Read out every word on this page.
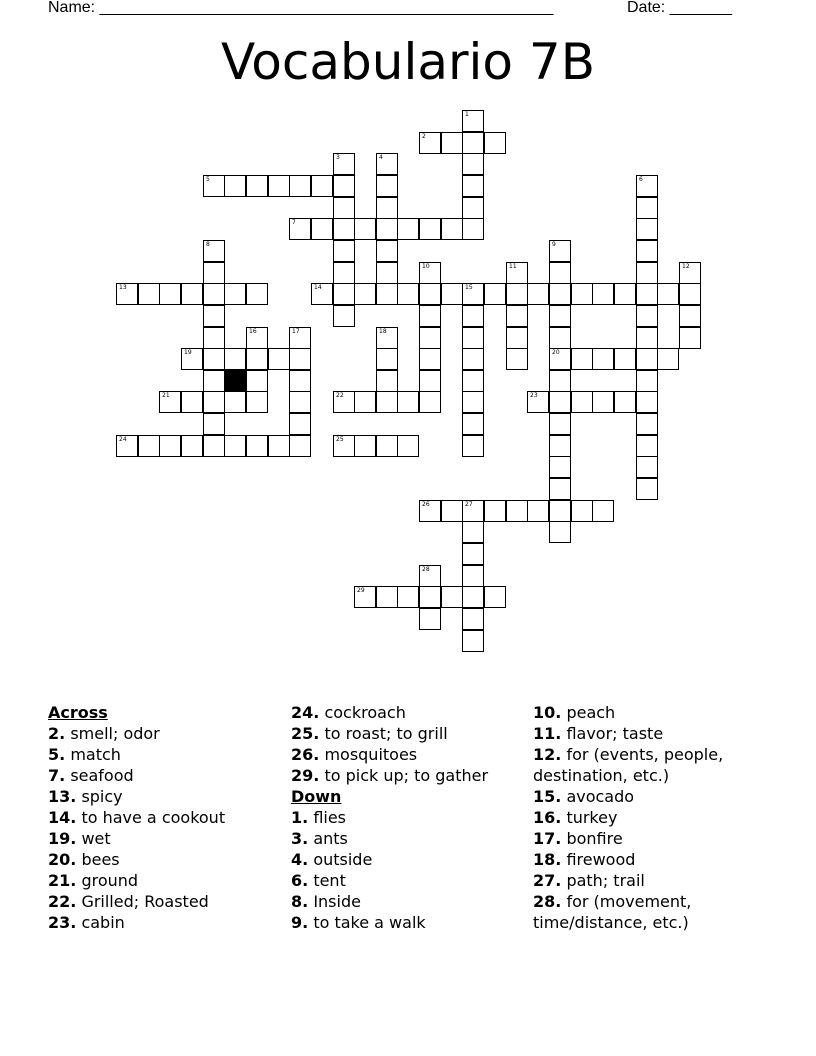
Name: ___________________________________________________	Date: _______
Vocabulario 7B
2
5
7
13	14	15
19	20
21	22	23
24	25
26	27
29
1
3	4
6
8	9
10	11	12
16	17	18
28
Across
2. smell; odor
5. match
7. seafood
13. spicy
14. to have a cookout
19. wet
20. bees
21. ground
22. Grilled; Roasted
23. cabin
24. cockroach
25. to roast; to grill
26. mosquitoes
29. to pick up; to gather
Down
1. flies
3. ants
4. outside
6. tent
8. Inside
9. to take a walk
10. peach
11. flavor; taste
12. for (events, people, destination, etc.)
15. avocado
16. turkey
17. bonfire
18. firewood
27. path; trail
28. for (movement, time/distance, etc.)
